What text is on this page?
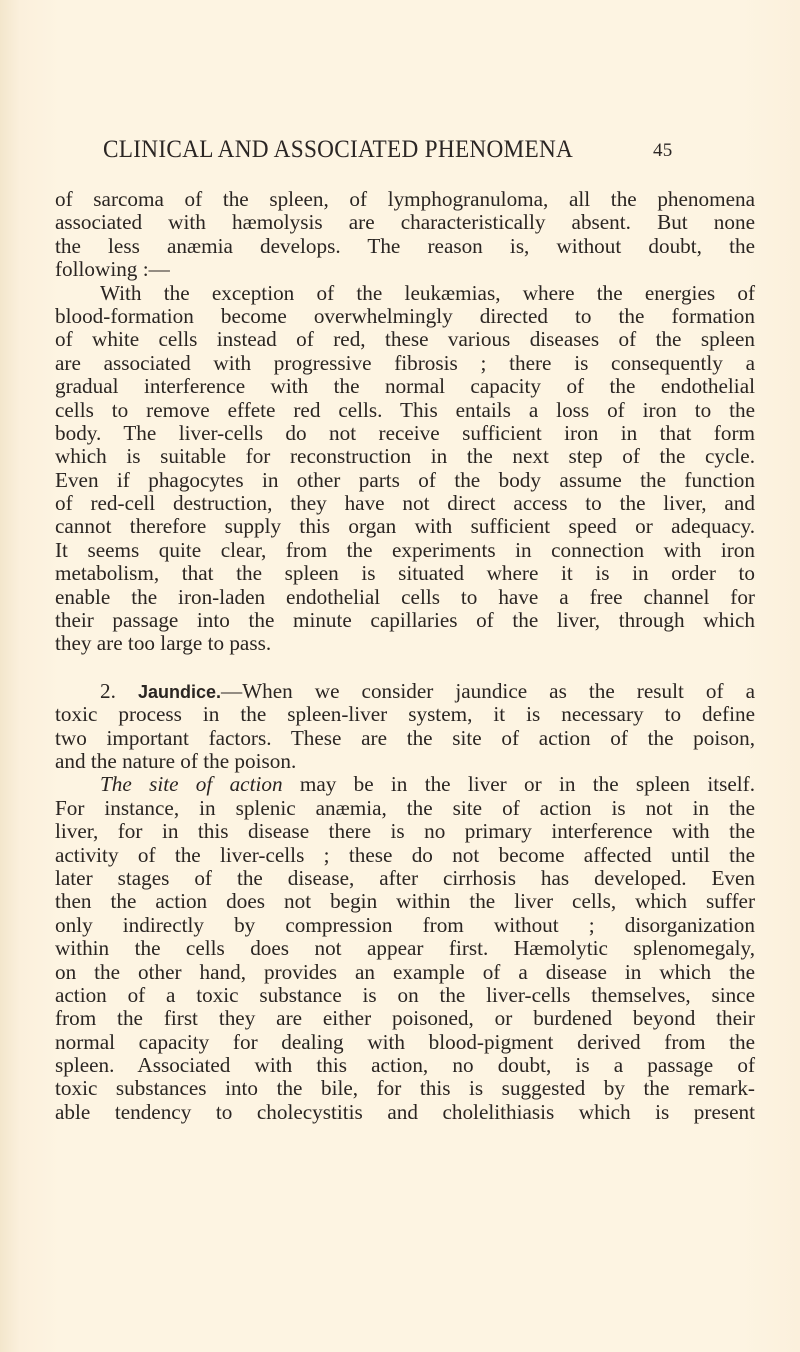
CLINICAL AND ASSOCIATED PHENOMENA	45

of sarcoma of the spleen, of lymphogranuloma, all the phenomena
associated with hæmolysis are characteristically absent. But none
the less anæmia develops. The reason is, without doubt, the
following :—

With the exception of the leukæmias, where the energies of
blood-formation become overwhelmingly directed to the formation
of white cells instead of red, these various diseases of the spleen
are associated with progressive fibrosis ; there is consequently a
gradual interference with the normal capacity of the endothelial
cells to remove effete red cells. This entails a loss of iron to the
body. The liver-cells do not receive sufficient iron in that form
which is suitable for reconstruction in the next step of the cycle.
Even if phagocytes in other parts of the body assume the function
of red-cell destruction, they have not direct access to the liver, and
cannot therefore supply this organ with sufficient speed or adequacy.
It seems quite clear, from the experiments in connection with iron
metabolism, that the spleen is situated where it is in order to
enable the iron-laden endothelial cells to have a free channel for
their passage into the minute capillaries of the liver, through which
they are too large to pass.

2. Jaundice.—When we consider jaundice as the result of a
toxic process in the spleen-liver system, it is necessary to define
two important factors. These are the site of action of the poison,
and the nature of the poison.

The site of action may be in the liver or in the spleen itself.
For instance, in splenic anæmia, the site of action is not in the
liver, for in this disease there is no primary interference with the
activity of the liver-cells ; these do not become affected until the
later stages of the disease, after cirrhosis has developed. Even
then the action does not begin within the liver cells, which suffer
only indirectly by compression from without ; disorganization
within the cells does not appear first. Hæmolytic splenomegaly,
on the other hand, provides an example of a disease in which the
action of a toxic substance is on the liver-cells themselves, since
from the first they are either poisoned, or burdened beyond their
normal capacity for dealing with blood-pigment derived from the
spleen. Associated with this action, no doubt, is a passage of
toxic substances into the bile, for this is suggested by the remark-
able tendency to cholecystitis and cholelithiasis which is present
